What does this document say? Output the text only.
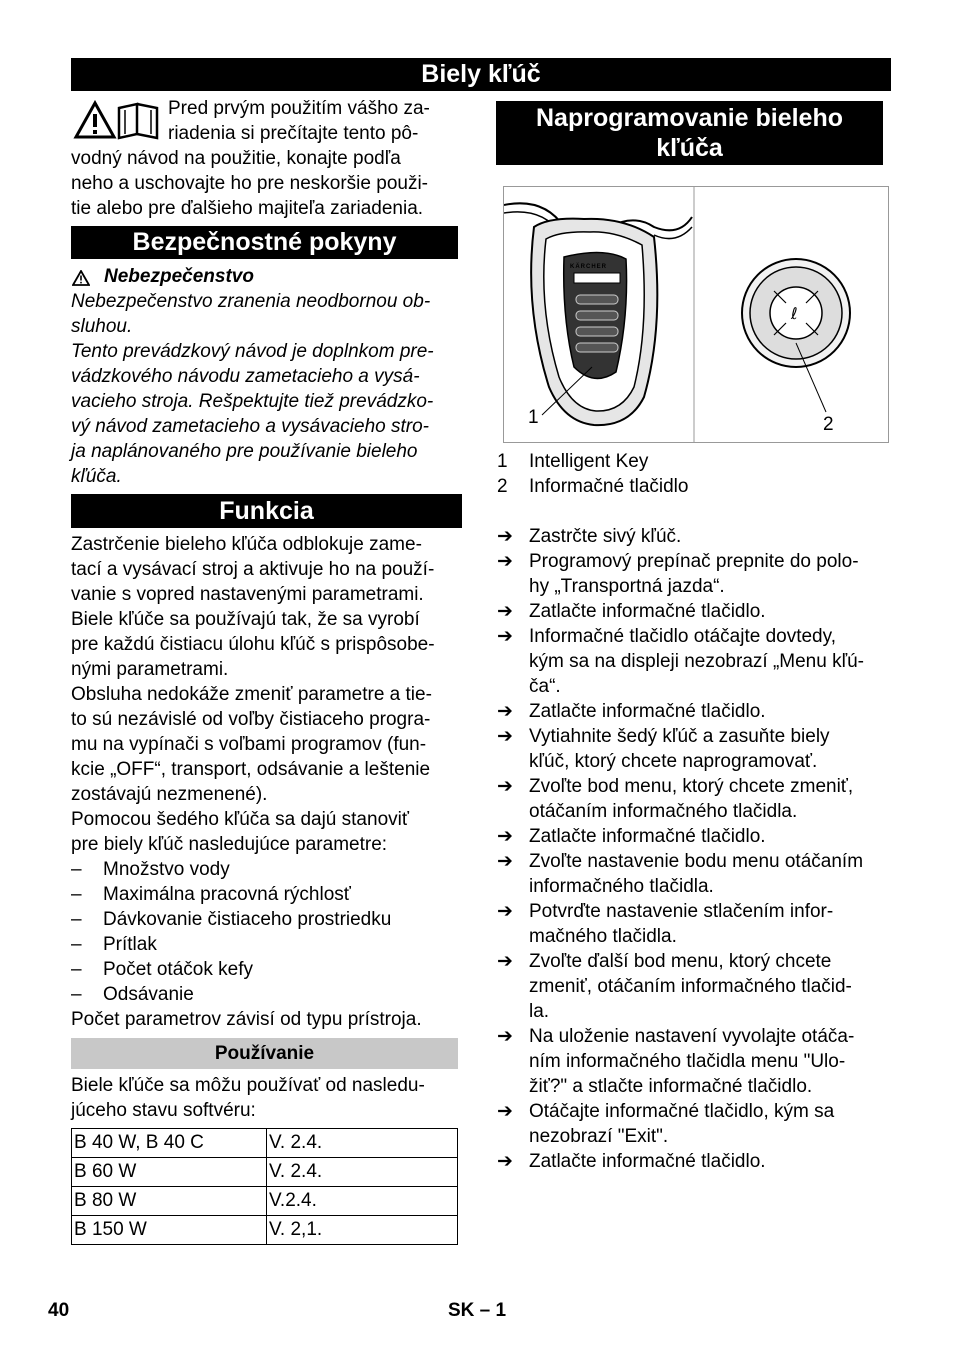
Biely kľúč
Pred prvým použitím vášho za-
riadenia si prečítajte tento pô-
vodný návod na použitie, konajte podľa
neho a uschovajte ho pre neskoršie použi-
tie alebo pre ďalšieho majiteľa zariadenia.
Bezpečnostné pokyny
Nebezpečenstvo
Nebezpečenstvo zranenia neodbornou ob-
sluhou.
Tento prevádzkový návod je doplnkom pre-
vádzkového návodu zametacieho a vysá-
vacieho stroja. Rešpektujte tiež prevádzko-
vý návod zametacieho a vysávacieho stro-
ja naplánovaného pre používanie bieleho
kľúča.
Funkcia
Zastrčenie bieleho kľúča odblokuje zame-
tací a vysávací stroj a aktivuje ho na použí-
vanie s vopred nastavenými parametrami.
Biele kľúče sa používajú tak, že sa vyrobí
pre každú čistiacu úlohu kľúč s prispôsobe-
nými parametrami.
Obsluha nedokáže zmeniť parametre a tie-
to sú nezávislé od voľby čistiaceho progra-
mu na vypínači s voľbami programov (fun-
kcie „OFF“, transport, odsávanie a leštenie
zostávajú nezmenené).
Pomocou šedého kľúča sa dajú stanoviť
pre biely kľúč nasledujúce parametre:
– Množstvo vody
– Maximálna pracovná rýchlosť
– Dávkovanie čistiaceho prostriedku
– Prítlak
– Počet otáčok kefy
– Odsávanie
Počet parametrov závisí od typu prístroja.
Používanie
Biele kľúče sa môžu používať od nasledu-
júceho stavu softvéru:
B 40 W, B 40 C	V. 2.4.
B 60 W	V. 2.4.
B 80 W	V.2.4.
B 150 W	V. 2,1.
Naprogramovanie bieleho
kľúča
ℓ
KÄRCHER
1	2
1 Intelligent Key
2 Informačné tlačidlo
➔ Zastrčte sivý kľúč.
➔ Programový prepínač prepnite do polo-
hy „Transportná jazda“.
➔ Zatlačte informačné tlačidlo.
➔ Informačné tlačidlo otáčajte dovtedy,
kým sa na displeji nezobrazí „Menu kľú-
ča“.
➔ Zatlačte informačné tlačidlo.
➔ Vytiahnite šedý kľúč a zasuňte biely
kľúč, ktorý chcete naprogramovať.
➔ Zvoľte bod menu, ktorý chcete zmeniť,
otáčaním informačného tlačidla.
➔ Zatlačte informačné tlačidlo.
➔ Zvoľte nastavenie bodu menu otáčaním
informačného tlačidla.
➔ Potvrďte nastavenie stlačením infor-
mačného tlačidla.
➔ Zvoľte ďalší bod menu, ktorý chcete
zmeniť, otáčaním informačného tlačid-
la.
➔ Na uloženie nastavení vyvolajte otáča-
ním informačného tlačidla menu "Ulo-
žiť?" a stlačte informačné tlačidlo.
➔ Otáčajte informačné tlačidlo, kým sa
nezobrazí "Exit".
➔ Zatlačte informačné tlačidlo.
40	SK – 1
